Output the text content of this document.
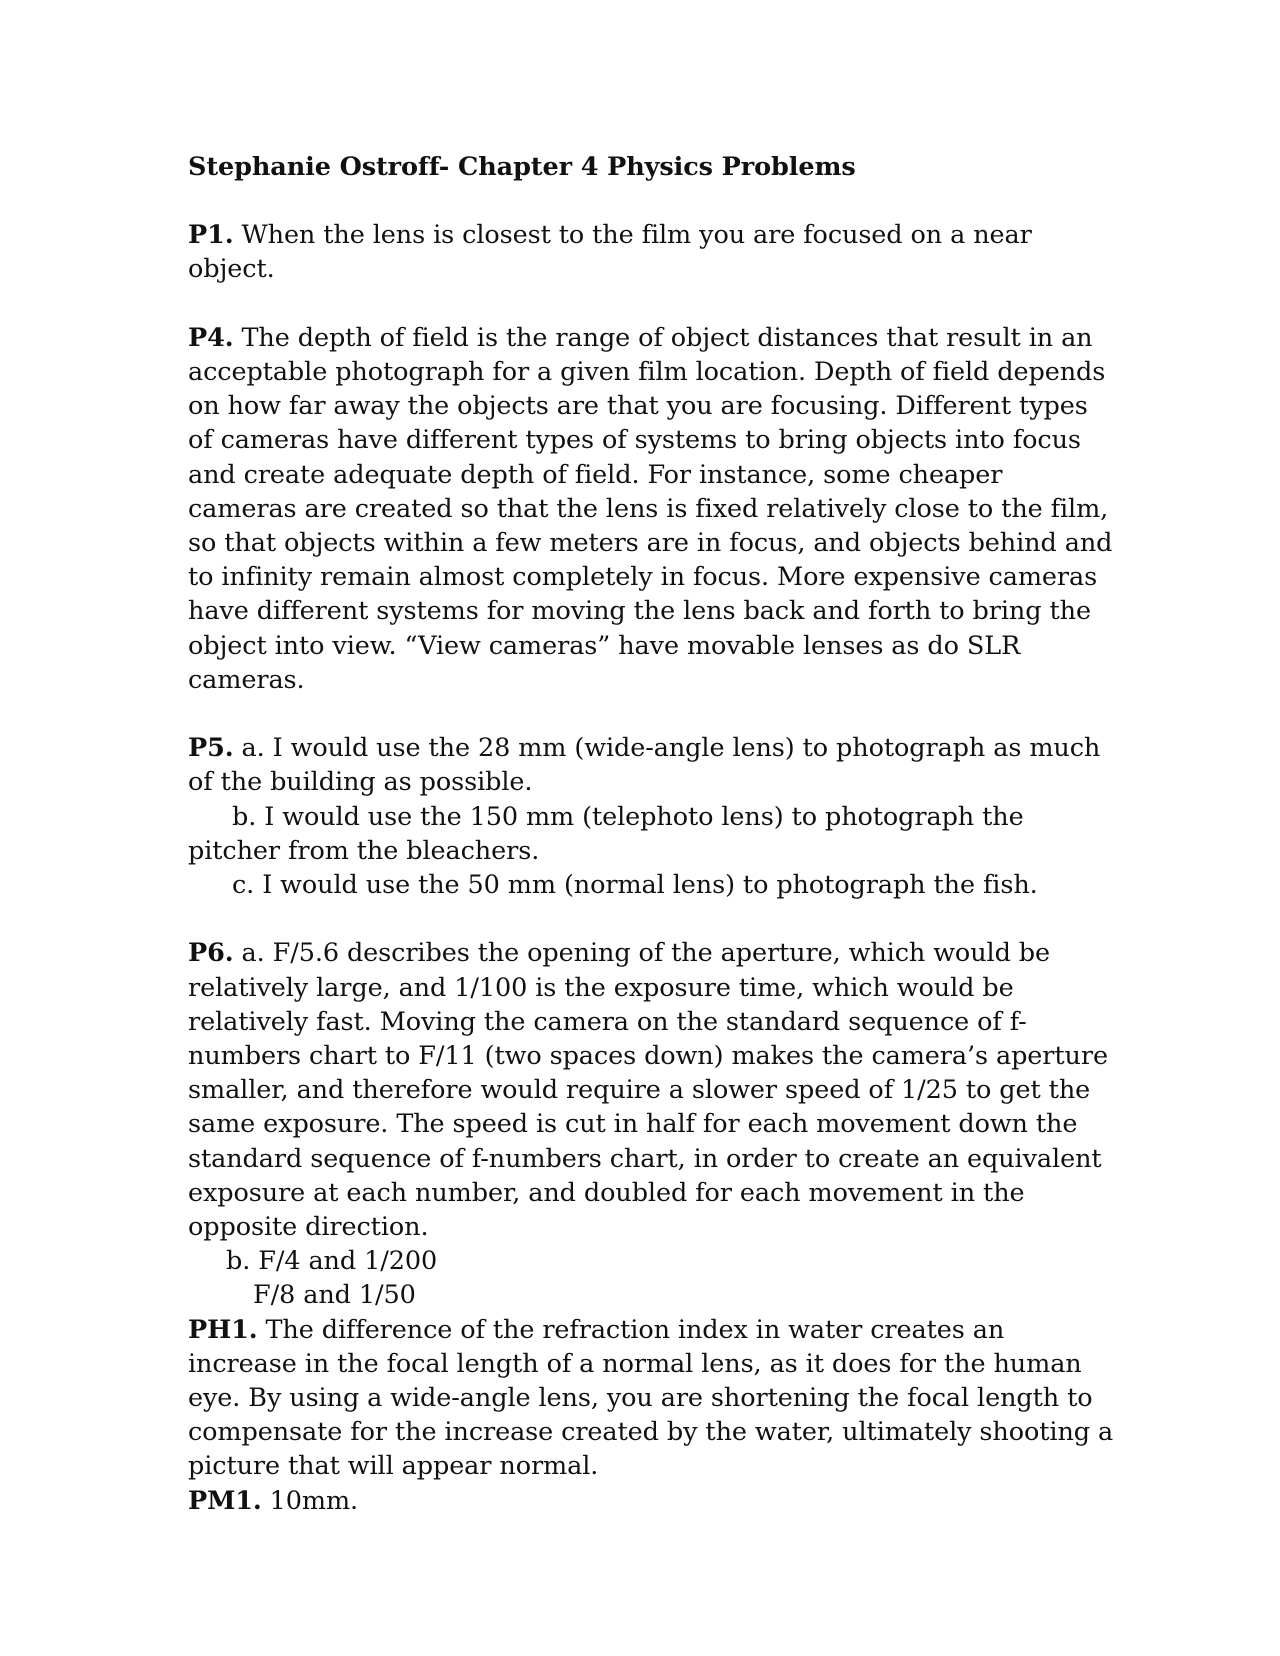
Stephanie Ostroff- Chapter 4 Physics Problems

P1. When the lens is closest to the film you are focused on a near object.

P4. The depth of field is the range of object distances that result in an acceptable photograph for a given film location. Depth of field depends on how far away the objects are that you are focusing. Different types of cameras have different types of systems to bring objects into focus and create adequate depth of field. For instance, some cheaper cameras are created so that the lens is fixed relatively close to the film, so that objects within a few meters are in focus, and objects behind and to infinity remain almost completely in focus. More expensive cameras have different systems for moving the lens back and forth to bring the object into view. “View cameras” have movable lenses as do SLR cameras.

P5. a. I would use the 28 mm (wide-angle lens) to photograph as much of the building as possible.

b. I would use the 150 mm (telephoto lens) to photograph the

pitcher from the bleachers.

c. I would use the 50 mm (normal lens) to photograph the fish.

P6. a. F/5.6 describes the opening of the aperture, which would be relatively large, and 1/100 is the exposure time, which would be relatively fast. Moving the camera on the standard sequence of f-numbers chart to F/11 (two spaces down) makes the camera’s aperture smaller, and therefore would require a slower speed of 1/25 to get the same exposure. The speed is cut in half for each movement down the standard sequence of f-numbers chart, in order to create an equivalent exposure at each number, and doubled for each movement in the opposite direction.

b. F/4 and 1/200

F/8 and 1/50

PH1. The difference of the refraction index in water creates an increase in the focal length of a normal lens, as it does for the human eye. By using a wide-angle lens, you are shortening the focal length to compensate for the increase created by the water, ultimately shooting a picture that will appear normal.

PM1. 10mm.
